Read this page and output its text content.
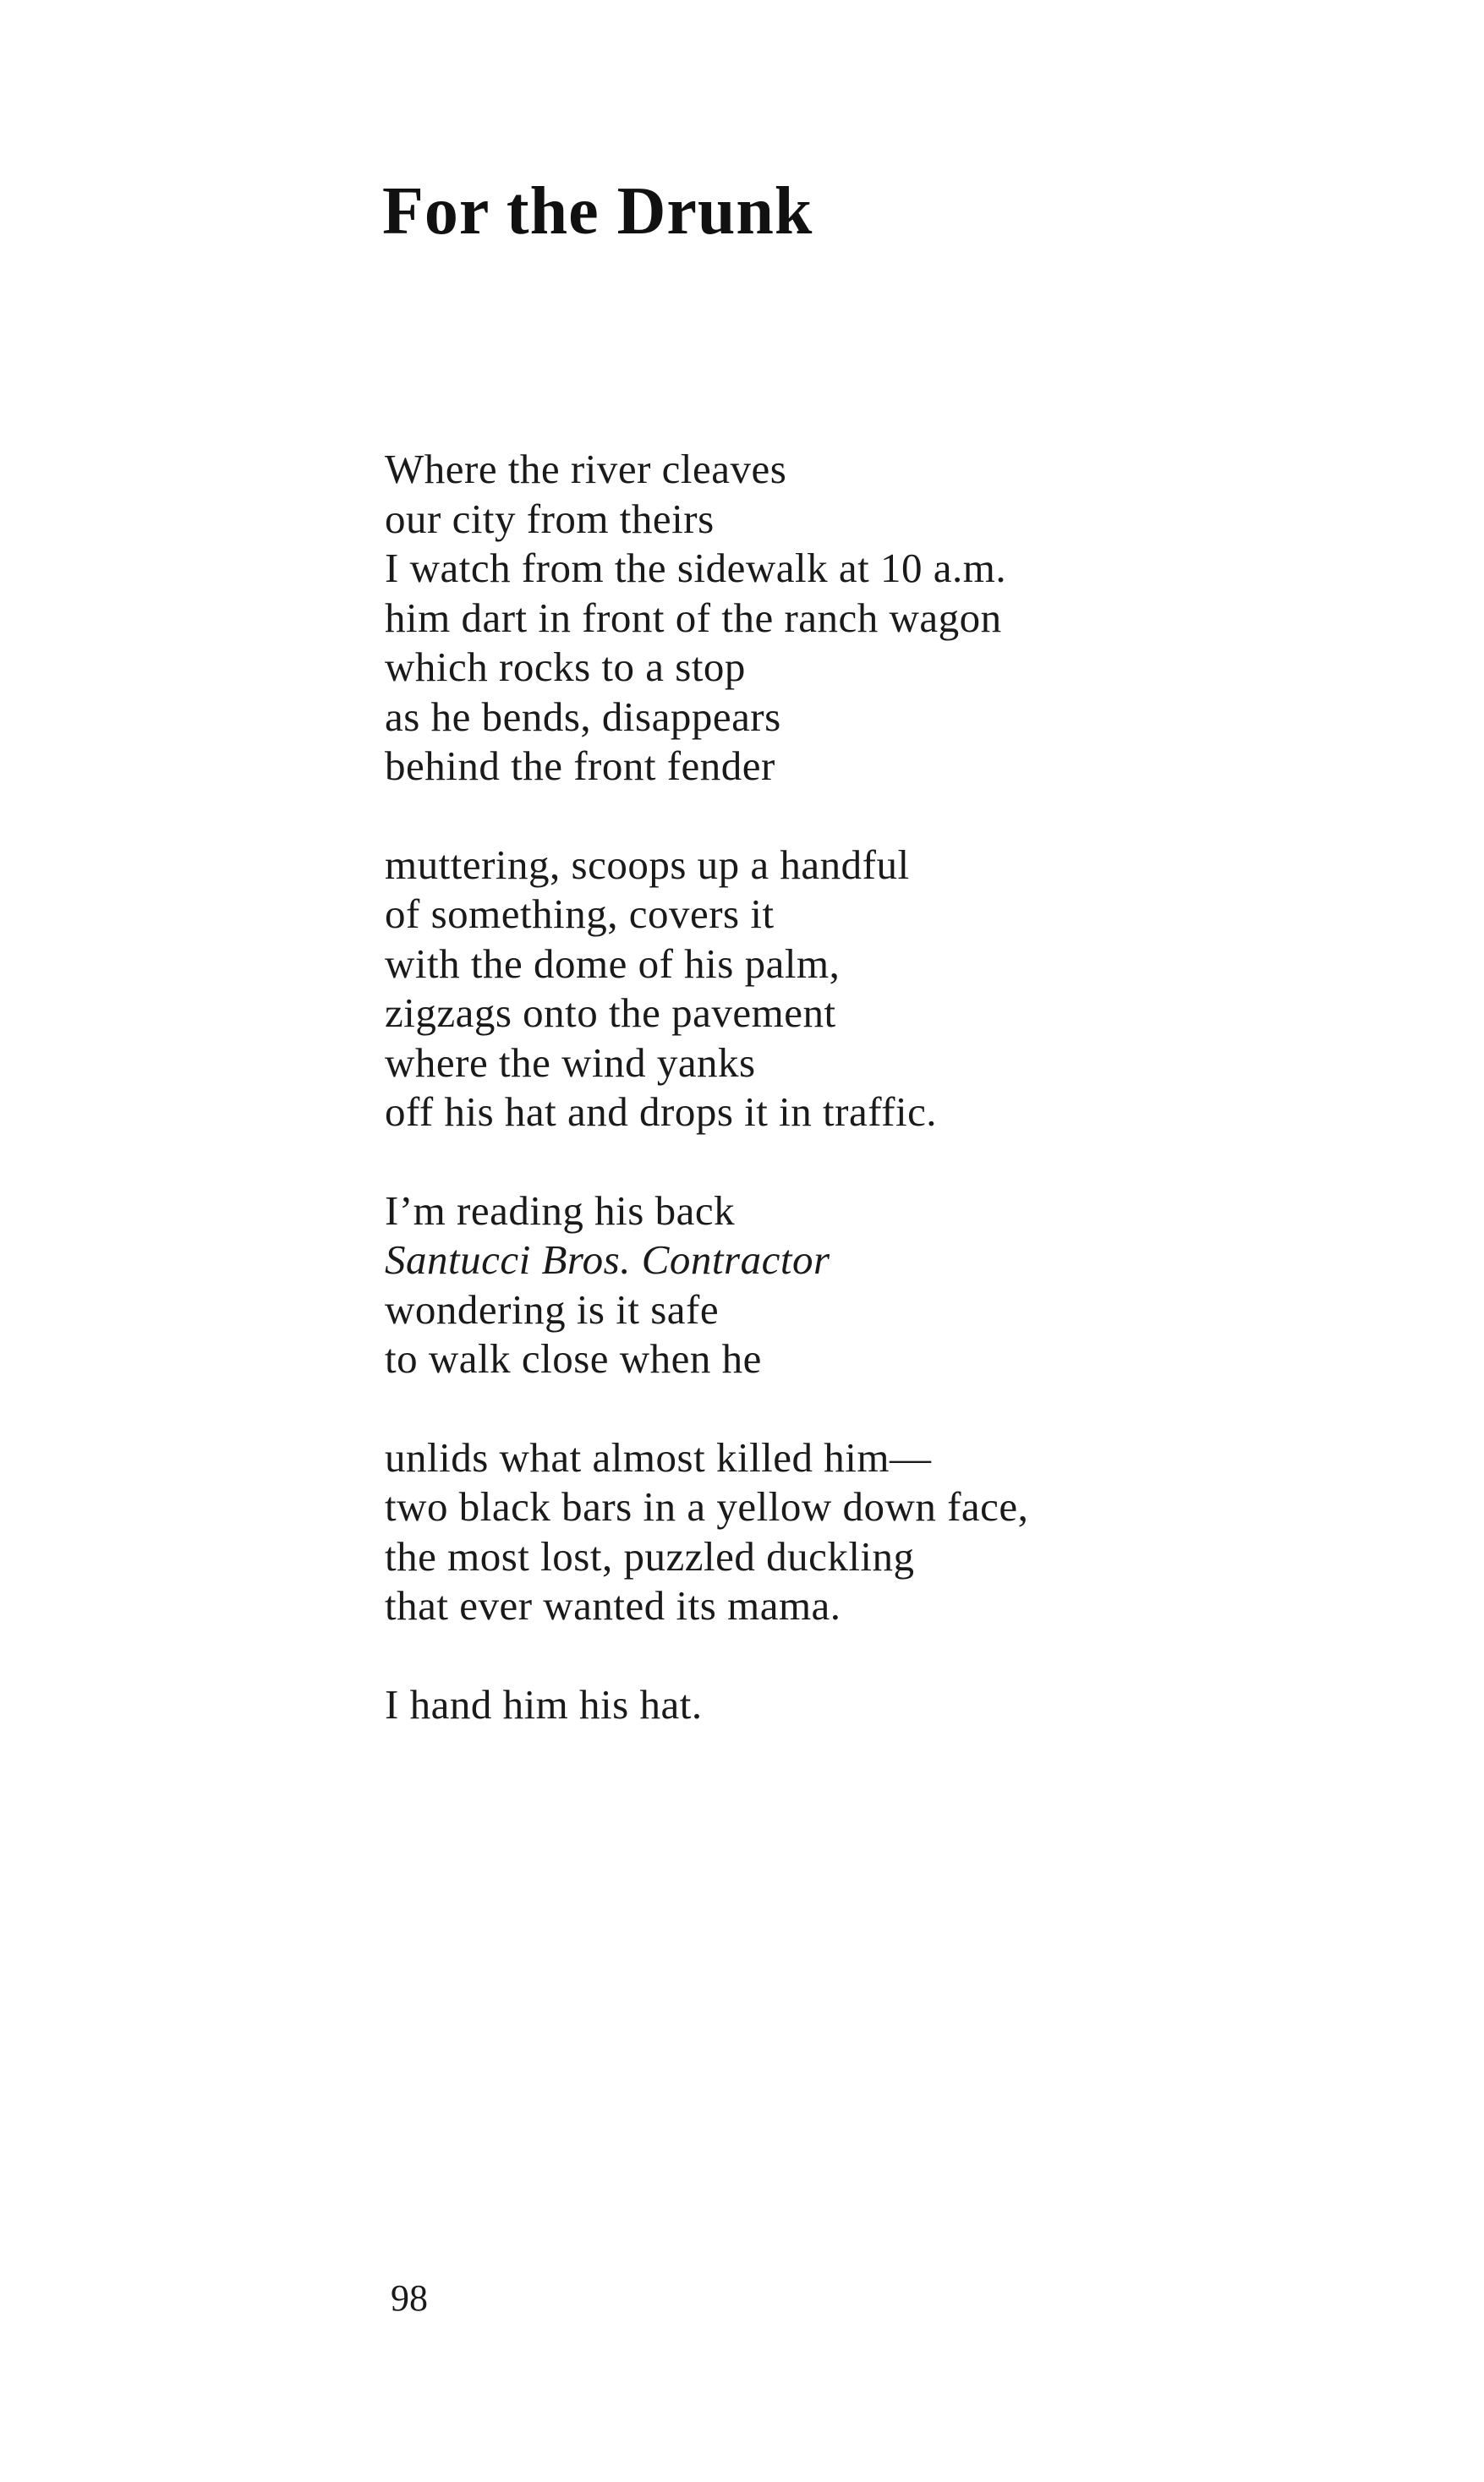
For the Drunk
Where the river cleaves
our city from theirs
I watch from the sidewalk at 10 a.m.
him dart in front of the ranch wagon
which rocks to a stop
as he bends, disappears
behind the front fender
muttering, scoops up a handful
of something, covers it
with the dome of his palm,
zigzags onto the pavement
where the wind yanks
off his hat and drops it in traffic.
I’m reading his back
Santucci Bros. Contractor
wondering is it safe
to walk close when he
unlids what almost killed him—
two black bars in a yellow down face,
the most lost, puzzled duckling
that ever wanted its mama.
I hand him his hat.
98
